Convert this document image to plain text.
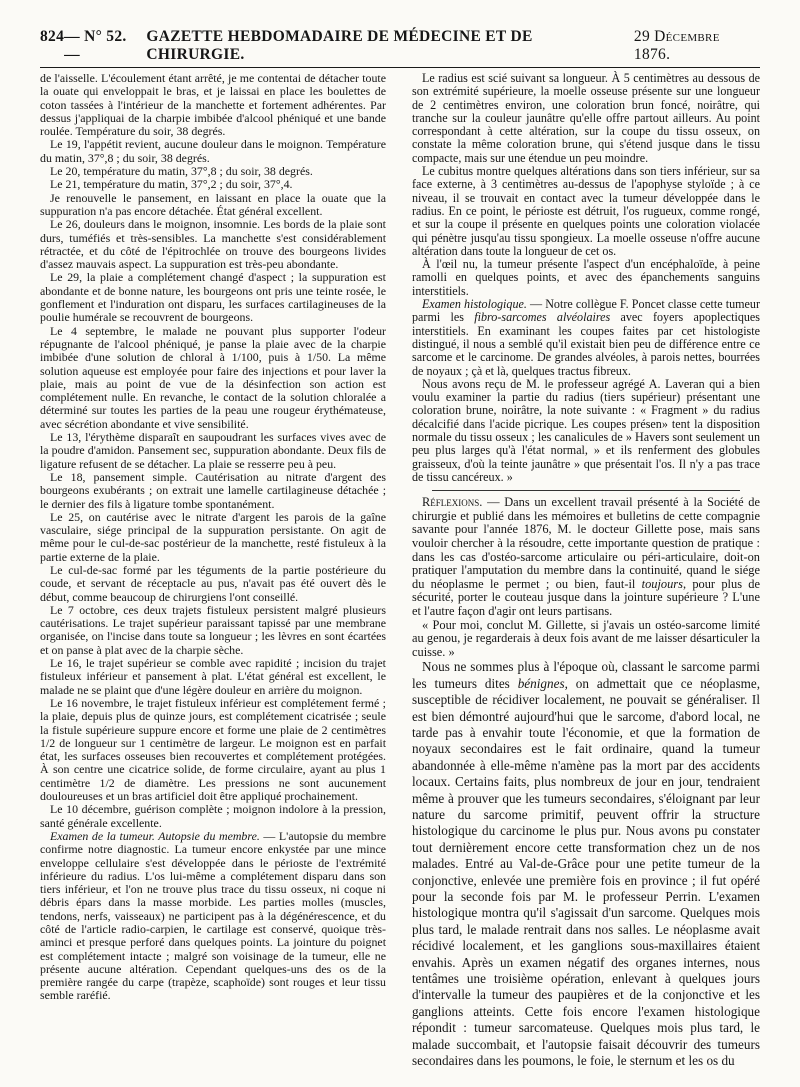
824 — N° 52. —
GAZETTE HEBDOMADAIRE DE MÉDECINE ET DE CHIRURGIE.
29 Décembre 1876.

de l'aisselle. L'écoulement étant arrêté, je me contentai de détacher toute la ouate qui enveloppait le bras, et je laissai en place les boulettes de coton tassées à l'intérieur de la manchette et fortement adhérentes. Par dessus j'appliquai de la charpie imbibée d'alcool phéniqué et une bande roulée. Température du soir, 38 degrés.

Le 19, l'appétit revient, aucune douleur dans le moignon. Température du matin, 37°,8 ; du soir, 38 degrés.

Le 20, température du matin, 37°,8 ; du soir, 38 degrés.

Le 21, température du matin, 37°,2 ; du soir, 37°,4.

Je renouvelle le pansement, en laissant en place la ouate que la suppuration n'a pas encore détachée. État général excellent.

Le 26, douleurs dans le moignon, insomnie. Les bords de la plaie sont durs, tuméfiés et très-sensibles. La manchette s'est considérablement rétractée, et du côté de l'épitrochlée on trouve des bourgeons livides d'assez mauvais aspect. La suppuration est très-peu abondante.

Le 29, la plaie a complétement changé d'aspect ; la suppuration est abondante et de bonne nature, les bourgeons ont pris une teinte rosée, le gonflement et l'induration ont disparu, les surfaces cartilagineuses de la poulie humérale se recouvrent de bourgeons.

Le 4 septembre, le malade ne pouvant plus supporter l'odeur répugnante de l'alcool phéniqué, je panse la plaie avec de la charpie imbibée d'une solution de chloral à 1/100, puis à 1/50. La même solution aqueuse est employée pour faire des injections et pour laver la plaie, mais au point de vue de la désinfection son action est complétement nulle. En revanche, le contact de la solution chloralée a déterminé sur toutes les parties de la peau une rougeur érythémateuse, avec sécrétion abondante et vive sensibilité.

Le 13, l'érythème disparaît en saupoudrant les surfaces vives avec de la poudre d'amidon. Pansement sec, suppuration abondante. Deux fils de ligature refusent de se détacher. La plaie se resserre peu à peu.

Le 18, pansement simple. Cautérisation au nitrate d'argent des bourgeons exubérants ; on extrait une lamelle cartilagineuse détachée ; le dernier des fils à ligature tombe spontanément.

Le 25, on cautérise avec le nitrate d'argent les parois de la gaîne vasculaire, siége principal de la suppuration persistante. On agit de même pour le cul-de-sac postérieur de la manchette, resté fistuleux à la partie externe de la plaie.

Le cul-de-sac formé par les téguments de la partie postérieure du coude, et servant de réceptacle au pus, n'avait pas été ouvert dès le début, comme beaucoup de chirurgiens l'ont conseillé.

Le 7 octobre, ces deux trajets fistuleux persistent malgré plusieurs cautérisations. Le trajet supérieur paraissant tapissé par une membrane organisée, on l'incise dans toute sa longueur ; les lèvres en sont écartées et on panse à plat avec de la charpie sèche.

Le 16, le trajet supérieur se comble avec rapidité ; incision du trajet fistuleux inférieur et pansement à plat. L'état général est excellent, le malade ne se plaint que d'une légère douleur en arrière du moignon.

Le 16 novembre, le trajet fistuleux inférieur est complétement fermé ; la plaie, depuis plus de quinze jours, est complétement cicatrisée ; seule la fistule supérieure suppure encore et forme une plaie de 2 centimètres 1/2 de longueur sur 1 centimètre de largeur. Le moignon est en parfait état, les surfaces osseuses bien recouvertes et complétement protégées. À son centre une cicatrice solide, de forme circulaire, ayant au plus 1 centimètre 1/2 de diamètre. Les pressions ne sont aucunement douloureuses et un bras artificiel doit être appliqué prochainement.

Le 10 décembre, guérison complète ; moignon indolore à la pression, santé générale excellente.

Examen de la tumeur. Autopsie du membre. — L'autopsie du membre confirme notre diagnostic. La tumeur encore enkystée par une mince enveloppe cellulaire s'est développée dans le périoste de l'extrémité inférieure du radius. L'os lui-même a complétement disparu dans son tiers inférieur, et l'on ne trouve plus trace du tissu osseux, ni coque ni débris épars dans la masse morbide. Les parties molles (muscles, tendons, nerfs, vaisseaux) ne participent pas à la dégénérescence, et du côté de l'article radio-carpien, le cartilage est conservé, quoique très-aminci et presque perforé dans quelques points. La jointure du poignet est complétement intacte ; malgré son voisinage de la tumeur, elle ne présente aucune altération. Cependant quelques-uns des os de la première rangée du carpe (trapèze, scaphoïde) sont rouges et leur tissu semble raréfié.

Le radius est scié suivant sa longueur. À 5 centimètres au dessous de son extrémité supérieure, la moelle osseuse présente sur une longueur de 2 centimètres environ, une coloration brun foncé, noirâtre, qui tranche sur la couleur jaunâtre qu'elle offre partout ailleurs. Au point correspondant à cette altération, sur la coupe du tissu osseux, on constate la même coloration brune, qui s'étend jusque dans le tissu compacte, mais sur une étendue un peu moindre.

Le cubitus montre quelques altérations dans son tiers inférieur, sur sa face externe, à 3 centimètres au-dessus de l'apophyse styloïde ; à ce niveau, il se trouvait en contact avec la tumeur développée dans le radius. En ce point, le périoste est détruit, l'os rugueux, comme rongé, et sur la coupe il présente en quelques points une coloration violacée qui pénètre jusqu'au tissu spongieux. La moelle osseuse n'offre aucune altération dans toute la longueur de cet os.

À l'œil nu, la tumeur présente l'aspect d'un encéphaloïde, à peine ramolli en quelques points, et avec des épanchements sanguins interstitiels.

Examen histologique. — Notre collègue F. Poncet classe cette tumeur parmi les fibro-sarcomes alvéolaires avec foyers apoplectiques interstitiels. En examinant les coupes faites par cet histologiste distingué, il nous a semblé qu'il existait bien peu de différence entre ce sarcome et le carcinome. De grandes alvéoles, à parois nettes, bourrées de noyaux ; çà et là, quelques tractus fibreux.

Nous avons reçu de M. le professeur agrégé A. Laveran qui a bien voulu examiner la partie du radius (tiers supérieur) présentant une coloration brune, noirâtre, la note suivante : « Fragment » du radius décalcifié dans l'acide picrique. Les coupes présen» tent la disposition normale du tissu osseux ; les canalicules de » Havers sont seulement un peu plus larges qu'à l'état normal, » et ils renferment des globules graisseux, d'où la teinte jaunâtre » que présentait l'os. Il n'y a pas trace de tissu cancéreux. »

Réflexions. — Dans un excellent travail présenté à la Société de chirurgie et publié dans les mémoires et bulletins de cette compagnie savante pour l'année 1876, M. le docteur Gillette pose, mais sans vouloir chercher à la résoudre, cette importante question de pratique : dans les cas d'ostéo-sarcome articulaire ou péri-articulaire, doit-on pratiquer l'amputation du membre dans la continuité, quand le siége du néoplasme le permet ; ou bien, faut-il toujours, pour plus de sécurité, porter le couteau jusque dans la jointure supérieure ? L'une et l'autre façon d'agir ont leurs partisans.

« Pour moi, conclut M. Gillette, si j'avais un ostéo-sarcome limité au genou, je regarderais à deux fois avant de me laisser désarticuler la cuisse. »

Nous ne sommes plus à l'époque où, classant le sarcome parmi les tumeurs dites bénignes, on admettait que ce néoplasme, susceptible de récidiver localement, ne pouvait se généraliser. Il est bien démontré aujourd'hui que le sarcome, d'abord local, ne tarde pas à envahir toute l'économie, et que la formation de noyaux secondaires est le fait ordinaire, quand la tumeur abandonnée à elle-même n'amène pas la mort par des accidents locaux. Certains faits, plus nombreux de jour en jour, tendraient même à prouver que les tumeurs secondaires, s'éloignant par leur nature du sarcome primitif, peuvent offrir la structure histologique du carcinome le plus pur. Nous avons pu constater tout dernièrement encore cette transformation chez un de nos malades. Entré au Val-de-Grâce pour une petite tumeur de la conjonctive, enlevée une première fois en province ; il fut opéré pour la seconde fois par M. le professeur Perrin. L'examen histologique montra qu'il s'agissait d'un sarcome. Quelques mois plus tard, le malade rentrait dans nos salles. Le néoplasme avait récidivé localement, et les ganglions sous-maxillaires étaient envahis. Après un examen négatif des organes internes, nous tentâmes une troisième opération, enlevant à quelques jours d'intervalle la tumeur des paupières et de la conjonctive et les ganglions atteints. Cette fois encore l'examen histologique répondit : tumeur sarcomateuse. Quelques mois plus tard, le malade succombait, et l'autopsie faisait découvrir des tumeurs secondaires dans les poumons, le foie, le sternum et les os du
